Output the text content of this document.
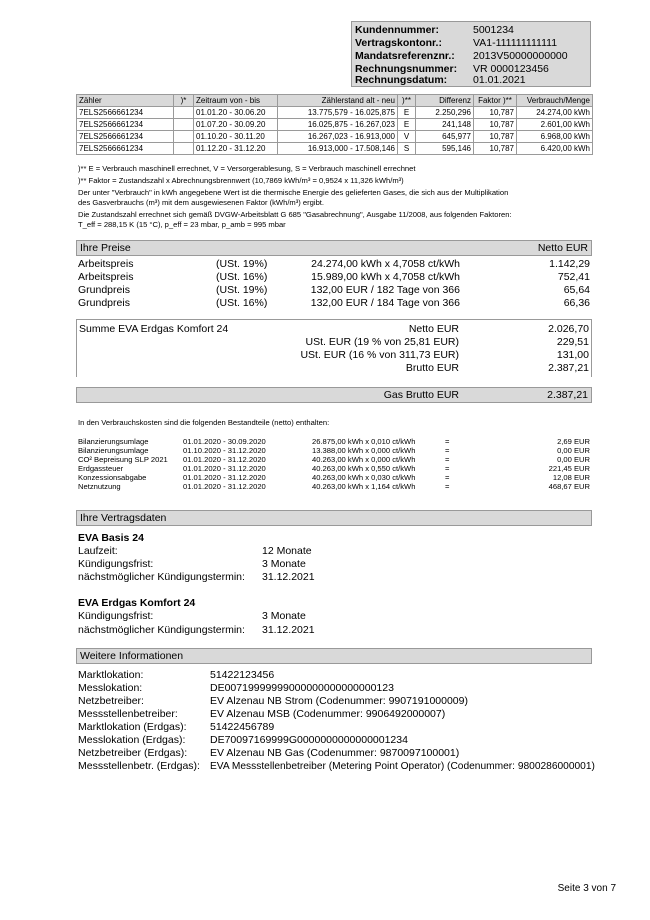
Kundennummer:	5001234
Vertragskontonr.:	VA1-111111111111
Mandatsreferenznr.: 2013V50000000000
Rechnungsnummer: VR 0000123456
Rechnungsdatum: 01.01.2021
Zähler	)*	Zeitraum von - bis	Zählerstand alt - neu	)**	Differenz	Faktor )**	Verbrauch/Menge
7ELS2566661234		01.01.20 - 30.06.20	13.775,579 - 16.025,875	E	2.250,296	10,787	24.274,00 kWh
7ELS2566661234		01.07.20 - 30.09.20	16.025,875 - 16.267,023	E	241,148	10,787	2.601,00 kWh
7ELS2566661234		01.10.20 - 30.11.20	16.267,023 - 16.913,000	V	645,977	10,787	6.968,00 kWh
7ELS2566661234		01.12.20 - 31.12.20	16.913,000 - 17.508,146	S	595,146	10,787	6.420,00 kWh
)** E = Verbrauch maschinell errechnet, V = Versorgerablesung, S = Verbrauch maschinell errechnet
)** Faktor = Zustandszahl x Abrechnungsbrennwert (10,7869 kWh/m³ = 0,9524 x 11,326 kWh/m³)
Der unter "Verbrauch" in kWh angegebene Wert ist die thermische Energie des gelieferten Gases, die sich aus der Multiplikation
des Gasverbrauchs (m³) mit dem ausgewiesenen Faktor (kWh/m³) ergibt.
Die Zustandszahl errechnet sich gemäß DVGW-Arbeitsblatt G 685 "Gasabrechnung", Ausgabe 11/2008, aus folgenden Faktoren:
T_eff = 288,15 K (15 °C), p_eff = 23 mbar, p_amb = 995 mbar
Ihre Preise	Netto EUR
Arbeitspreis	(USt. 19%)	24.274,00 kWh x 4,7058 ct/kWh	1.142,29
Arbeitspreis	(USt. 16%)	15.989,00 kWh x 4,7058 ct/kWh	752,41
Grundpreis	(USt. 19%)	132,00 EUR / 182 Tage von 366	65,64
Grundpreis	(USt. 16%)	132,00 EUR / 184 Tage von 366	66,36
Summe EVA Erdgas Komfort 24	Netto EUR	2.026,70
USt. EUR (19 % von 25,81 EUR)	229,51
USt. EUR (16 % von 311,73 EUR)	131,00
Brutto EUR	2.387,21
Gas Brutto EUR	2.387,21
In den Verbrauchskosten sind die folgenden Bestandteile (netto) enthalten:
Bilanzierungsumlage	01.01.2020 - 30.09.2020	26.875,00 kWh x 0,010 ct/kWh	=	2,69 EUR
Bilanzierungsumlage	01.10.2020 - 31.12.2020	13.388,00 kWh x 0,000 ct/kWh	=	0,00 EUR
CO² Bepreisung SLP 2021 01.01.2020 - 31.12.2020	40.263,00 kWh x 0,000 ct/kWh	=	0,00 EUR
Erdgassteuer	01.01.2020 - 31.12.2020	40.263,00 kWh x 0,550 ct/kWh	=	221,45 EUR
Konzessionsabgabe	01.01.2020 - 31.12.2020	40.263,00 kWh x 0,030 ct/kWh	=	12,08 EUR
Netznutzung	01.01.2020 - 31.12.2020	40.263,00 kWh x 1,164 ct/kWh	=	468,67 EUR
Ihre Vertragsdaten
EVA Basis 24
Laufzeit:	12 Monate
Kündigungsfrist:	3 Monate
nächstmöglicher Kündigungstermin: 31.12.2021
EVA Erdgas Komfort 24
Kündigungsfrist:	3 Monate
nächstmöglicher Kündigungstermin: 31.12.2021
Weitere Informationen
Marktlokation:	51422123456
Messlokation:	DE00719999999000000000000000123
Netzbetreiber:	EV Alzenau NB Strom (Codenummer: 9907191000009)
Messstellenbetreiber:	EV Alzenau MSB (Codenummer: 9906492000007)
Marktlokation (Erdgas): 51422456789
Messlokation (Erdgas): DE70097169999G0000000000000001234
Netzbetreiber (Erdgas): EV Alzenau NB Gas (Codenummer: 9870097100001)
Messstellenbetr. (Erdgas): EVA Messstellenbetreiber (Metering Point Operator) (Codenummer: 9800286000001)
Seite 3 von 7
